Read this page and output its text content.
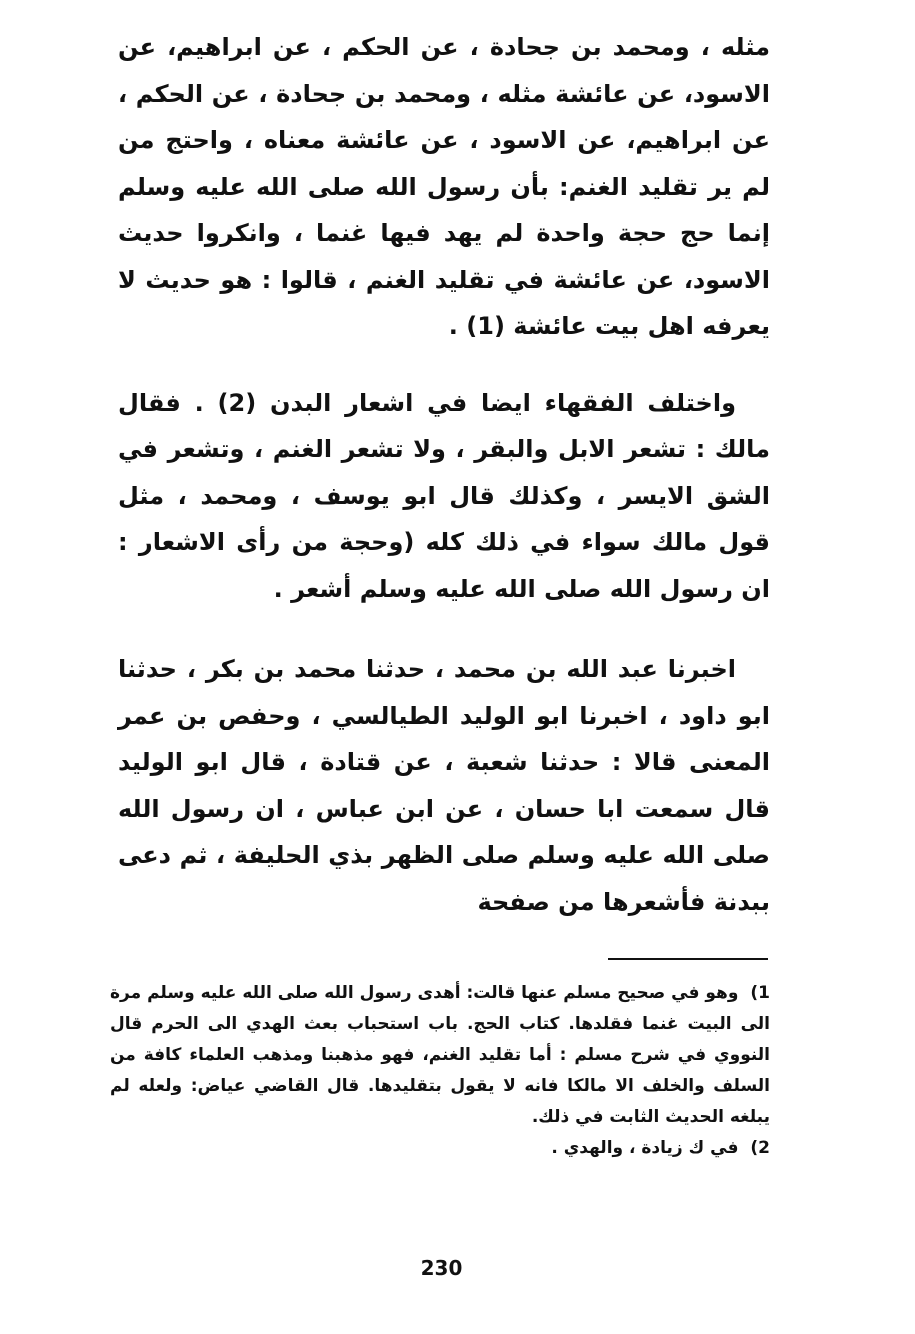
مثله ، ومحمد بن جحادة ، عن الحكم ، عن ابراهيم، عن الاسود، عن عائشة مثله ، ومحمد بن جحادة ، عن الحكم ، عن ابراهيم، عن الاسود ، عن عائشة معناه ، واحتج من لم ير تقليد الغنم: بأن رسول الله صلى الله عليه وسلم إنما حج حجة واحدة لم يهد فيها غنما ، وانكروا حديث الاسود، عن عائشة في تقليد الغنم ، قالوا : هو حديث لا يعرفه اهل بيت عائشة (1) .

واختلف الفقهاء ايضا في اشعار البدن (2) . فقال مالك : تشعر الابل والبقر ، ولا تشعر الغنم ، وتشعر في الشق الايسر ، وكذلك قال ابو يوسف ، ومحمد ، مثل قول مالك سواء في ذلك كله (وحجة من رأى الاشعار : ان رسول الله صلى الله عليه وسلم أشعر .

اخبرنا عبد الله بن محمد ، حدثنا محمد بن بكر ، حدثنا ابو داود ، اخبرنا ابو الوليد الطيالسي ، وحفص بن عمر المعنى قالا : حدثنا شعبة ، عن قتادة ، قال ابو الوليد قال سمعت ابا حسان ، عن ابن عباس ، ان رسول الله صلى الله عليه وسلم صلى الظهر بذي الحليفة ، ثم دعى ببدنة فأشعرها من صفحة

1) وهو في صحيح مسلم عنها قالت: أهدى رسول الله صلى الله عليه وسلم مرة الى البيت غنما فقلدها. كتاب الحج. باب استحباب بعث الهدي الى الحرم قال النووي في شرح مسلم : أما تقليد الغنم، فهو مذهبنا ومذهب العلماء كافة من السلف والخلف الا مالكا فانه لا يقول بتقليدها. قال القاضي عياض: ولعله لم يبلغه الحديث الثابت في ذلك.

2) في ك زيادة ، والهدي .

230
